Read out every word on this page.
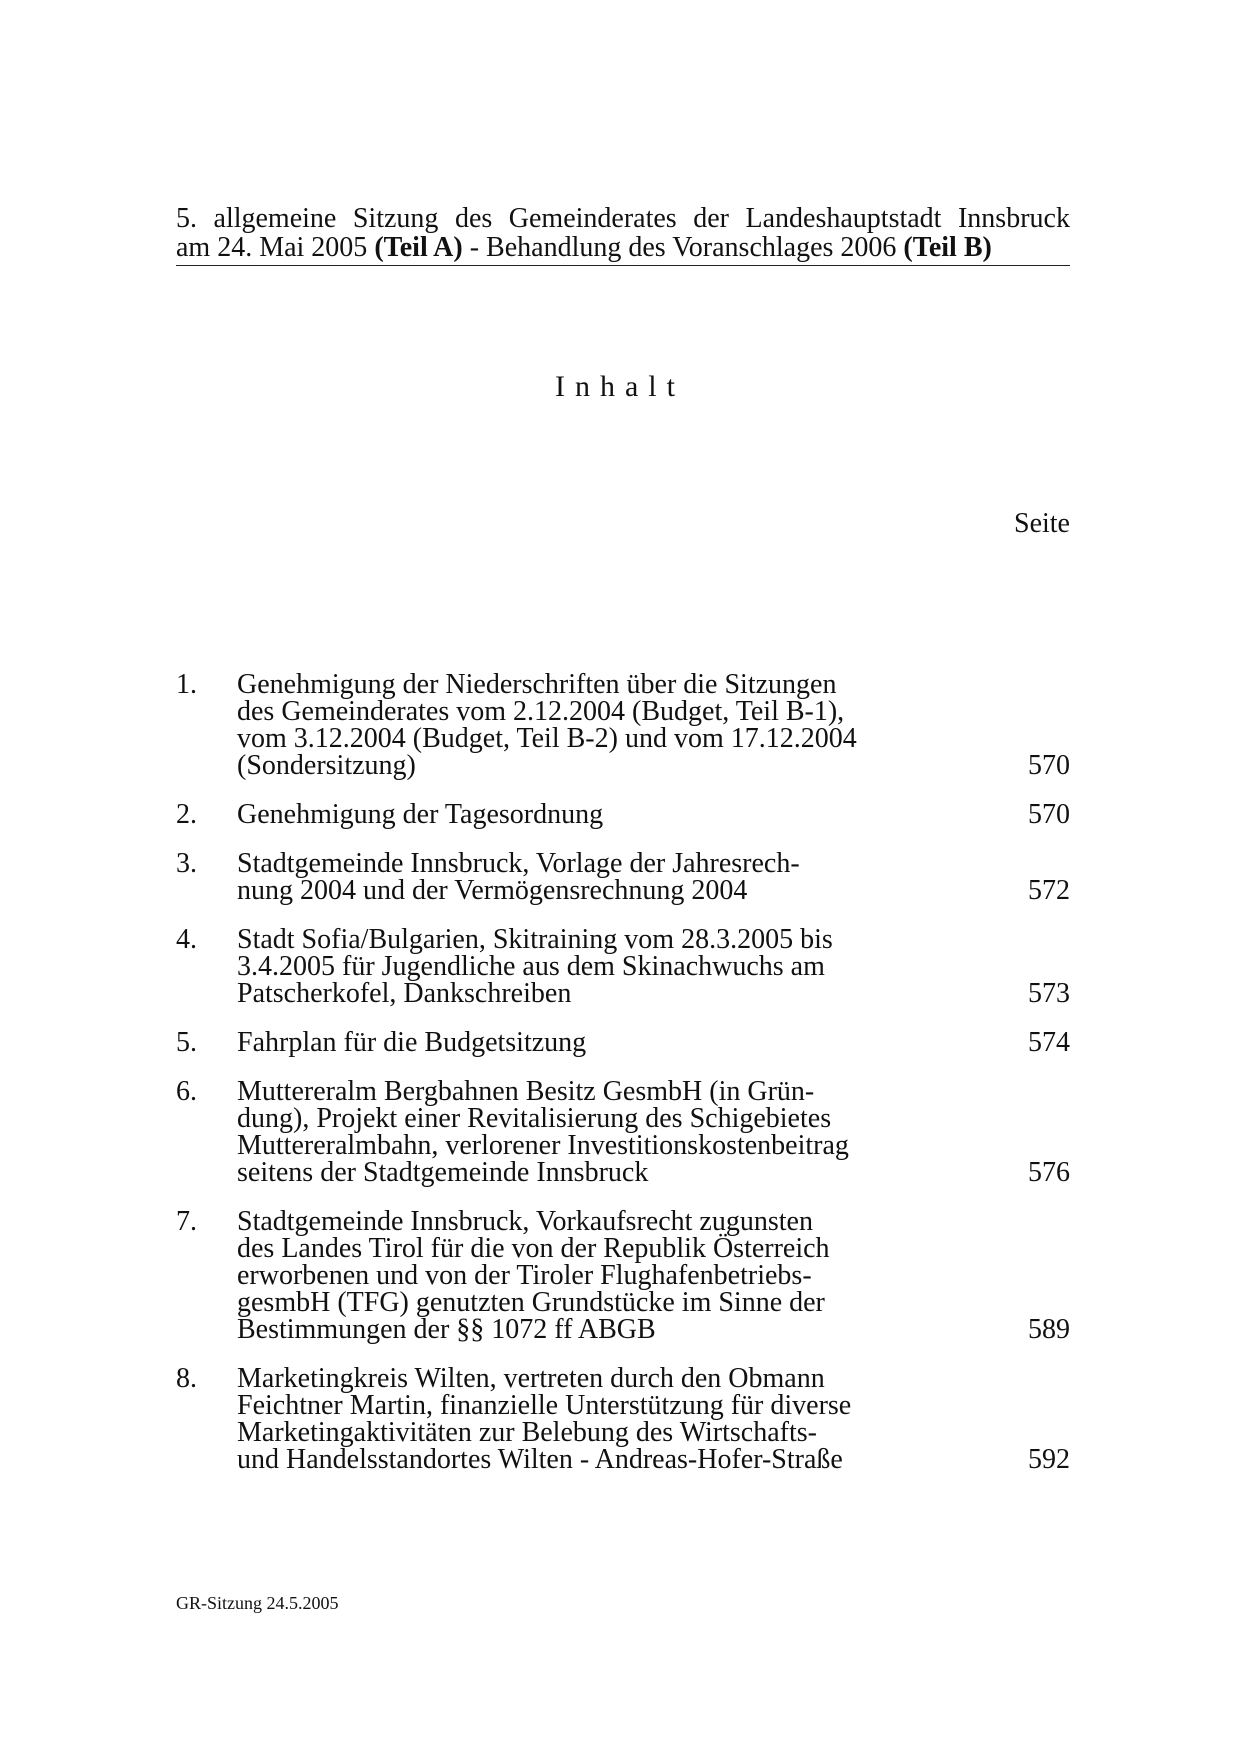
5. allgemeine Sitzung des Gemeinderates der Landeshauptstadt Innsbruck
am 24. Mai 2005 (Teil A) - Behandlung des Voranschlages 2006 (Teil B)
Inhalt
Seite
1.	Genehmigung der Niederschriften über die Sitzungen
des Gemeinderates vom 2.12.2004 (Budget, Teil B-1),
vom 3.12.2004 (Budget, Teil B-2) und vom 17.12.2004
(Sondersitzung)	570
2.	Genehmigung der Tagesordnung	570
3.	Stadtgemeinde Innsbruck, Vorlage der Jahresrech-
nung 2004 und der Vermögensrechnung 2004	572
4.	Stadt Sofia/Bulgarien, Skitraining vom 28.3.2005 bis
3.4.2005 für Jugendliche aus dem Skinachwuchs am
Patscherkofel, Dankschreiben	573
5.	Fahrplan für die Budgetsitzung	574
6.	Muttereralm Bergbahnen Besitz GesmbH (in Grün-
dung), Projekt einer Revitalisierung des Schigebietes
Muttereralmbahn, verlorener Investitionskostenbeitrag
seitens der Stadtgemeinde Innsbruck	576
7.	Stadtgemeinde Innsbruck, Vorkaufsrecht zugunsten
des Landes Tirol für die von der Republik Österreich
erworbenen und von der Tiroler Flughafenbetriebs-
gesmbH (TFG) genutzten Grundstücke im Sinne der
Bestimmungen der §§ 1072 ff ABGB	589
8.	Marketingkreis Wilten, vertreten durch den Obmann
Feichtner Martin, finanzielle Unterstützung für diverse
Marketingaktivitäten zur Belebung des Wirtschafts-
und Handelsstandortes Wilten - Andreas-Hofer-Straße	592
GR-Sitzung 24.5.2005
